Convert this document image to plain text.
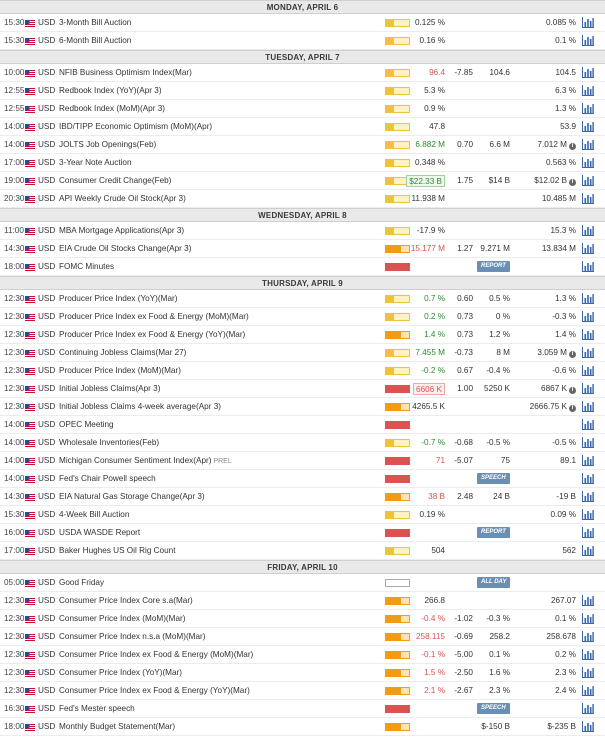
MONDAY, APRIL 6
15:30	USD 3-Month Bill Auction	0.125 %	0.085 %
15:30	USD 6-Month Bill Auction	0.16 %	0.1 %
TUESDAY, APRIL 7
10:00	USD NFIB Business Optimism Index(Mar)	96.4 -7.85 104.6	104.5
12:55	USD Redbook Index (YoY)(Apr 3)	5.3 %	6.3 %
12:55	USD Redbook Index (MoM)(Apr 3)	0.9 %	1.3 %
14:00	USD IBD/TIPP Economic Optimism (MoM)(Apr)	47.8	53.9
14:00	USD JOLTS Job Openings(Feb)	6.882 M 0.70 6.6 M	7.012 M i
17:00	USD 3-Year Note Auction	0.348 %	0.563 %
19:00	USD Consumer Credit Change(Feb)	$22.33 B	1.75 $14 B	$12.02 B i
20:30	USD API Weekly Crude Oil Stock(Apr 3)	11.938 M	10.485 M
WEDNESDAY, APRIL 8
11:00	USD MBA Mortgage Applications(Apr 3)	-17.9 %	15.3 %
14:30	USD EIA Crude Oil Stocks Change(Apr 3)	15.177 M 1.27 9.271 M	13.834 M
18:00	USD FOMC Minutes	REPORT
THURSDAY, APRIL 9
12:30	USD Producer Price Index (YoY)(Mar)	0.7 % 0.60 0.5 %	1.3 %
12:30	USD Producer Price Index ex Food & Energy (MoM)(Mar)	0.2 % 0.73	0 %	-0.3 %
12:30	USD Producer Price Index ex Food & Energy (YoY)(Mar)	1.4 % 0.73 1.2 %	1.4 %
12:30	USD Continuing Jobless Claims(Mar 27)	7.455 M -0.73	8 M	3.059 M i
12:30	USD Producer Price Index (MoM)(Mar)	-0.2 % 0.67 -0.4 %	-0.6 %
12:30	USD Initial Jobless Claims(Apr 3)	6606 K	1.00 5250 K	6867 K i
12:30	USD Initial Jobless Claims 4-week average(Apr 3)	4265.5 K	2666.75 K i
14:00	USD OPEC Meeting
14:00	USD Wholesale Inventories(Feb)	-0.7 % -0.68 -0.5 %	-0.5 %
14:00	USD Michigan Consumer Sentiment Index(Apr) PREL	71 -5.07	75	89.1
14:00	USD Fed's Chair Powell speech	SPEECH
14:30	USD EIA Natural Gas Storage Change(Apr 3)	38 B 2.48 24 B	-19 B
15:30	USD 4-Week Bill Auction	0.19 %	0.09 %
16:00	USD USDA WASDE Report	REPORT
17:00	USD Baker Hughes US Oil Rig Count	504	562
FRIDAY, APRIL 10
05:00	USD Good Friday	ALL DAY
12:30	USD Consumer Price Index Core s.a(Mar)	266.8	267.07
12:30	USD Consumer Price Index (MoM)(Mar)	-0.4 % -1.02 -0.3 %	0.1 %
12:30	USD Consumer Price Index n.s.a (MoM)(Mar)	258.115 -0.69 258.2	258.678
12:30	USD Consumer Price Index ex Food & Energy (MoM)(Mar)	-0.1 % -5.00 0.1 %	0.2 %
12:30	USD Consumer Price Index (YoY)(Mar)	1.5 % -2.50 1.6 %	2.3 %
12:30	USD Consumer Price Index ex Food & Energy (YoY)(Mar)	2.1 % -2.67 2.3 %	2.4 %
16:30	USD Fed's Mester speech	SPEECH
18:00	USD Monthly Budget Statement(Mar)	$-150 B	$-235 B
